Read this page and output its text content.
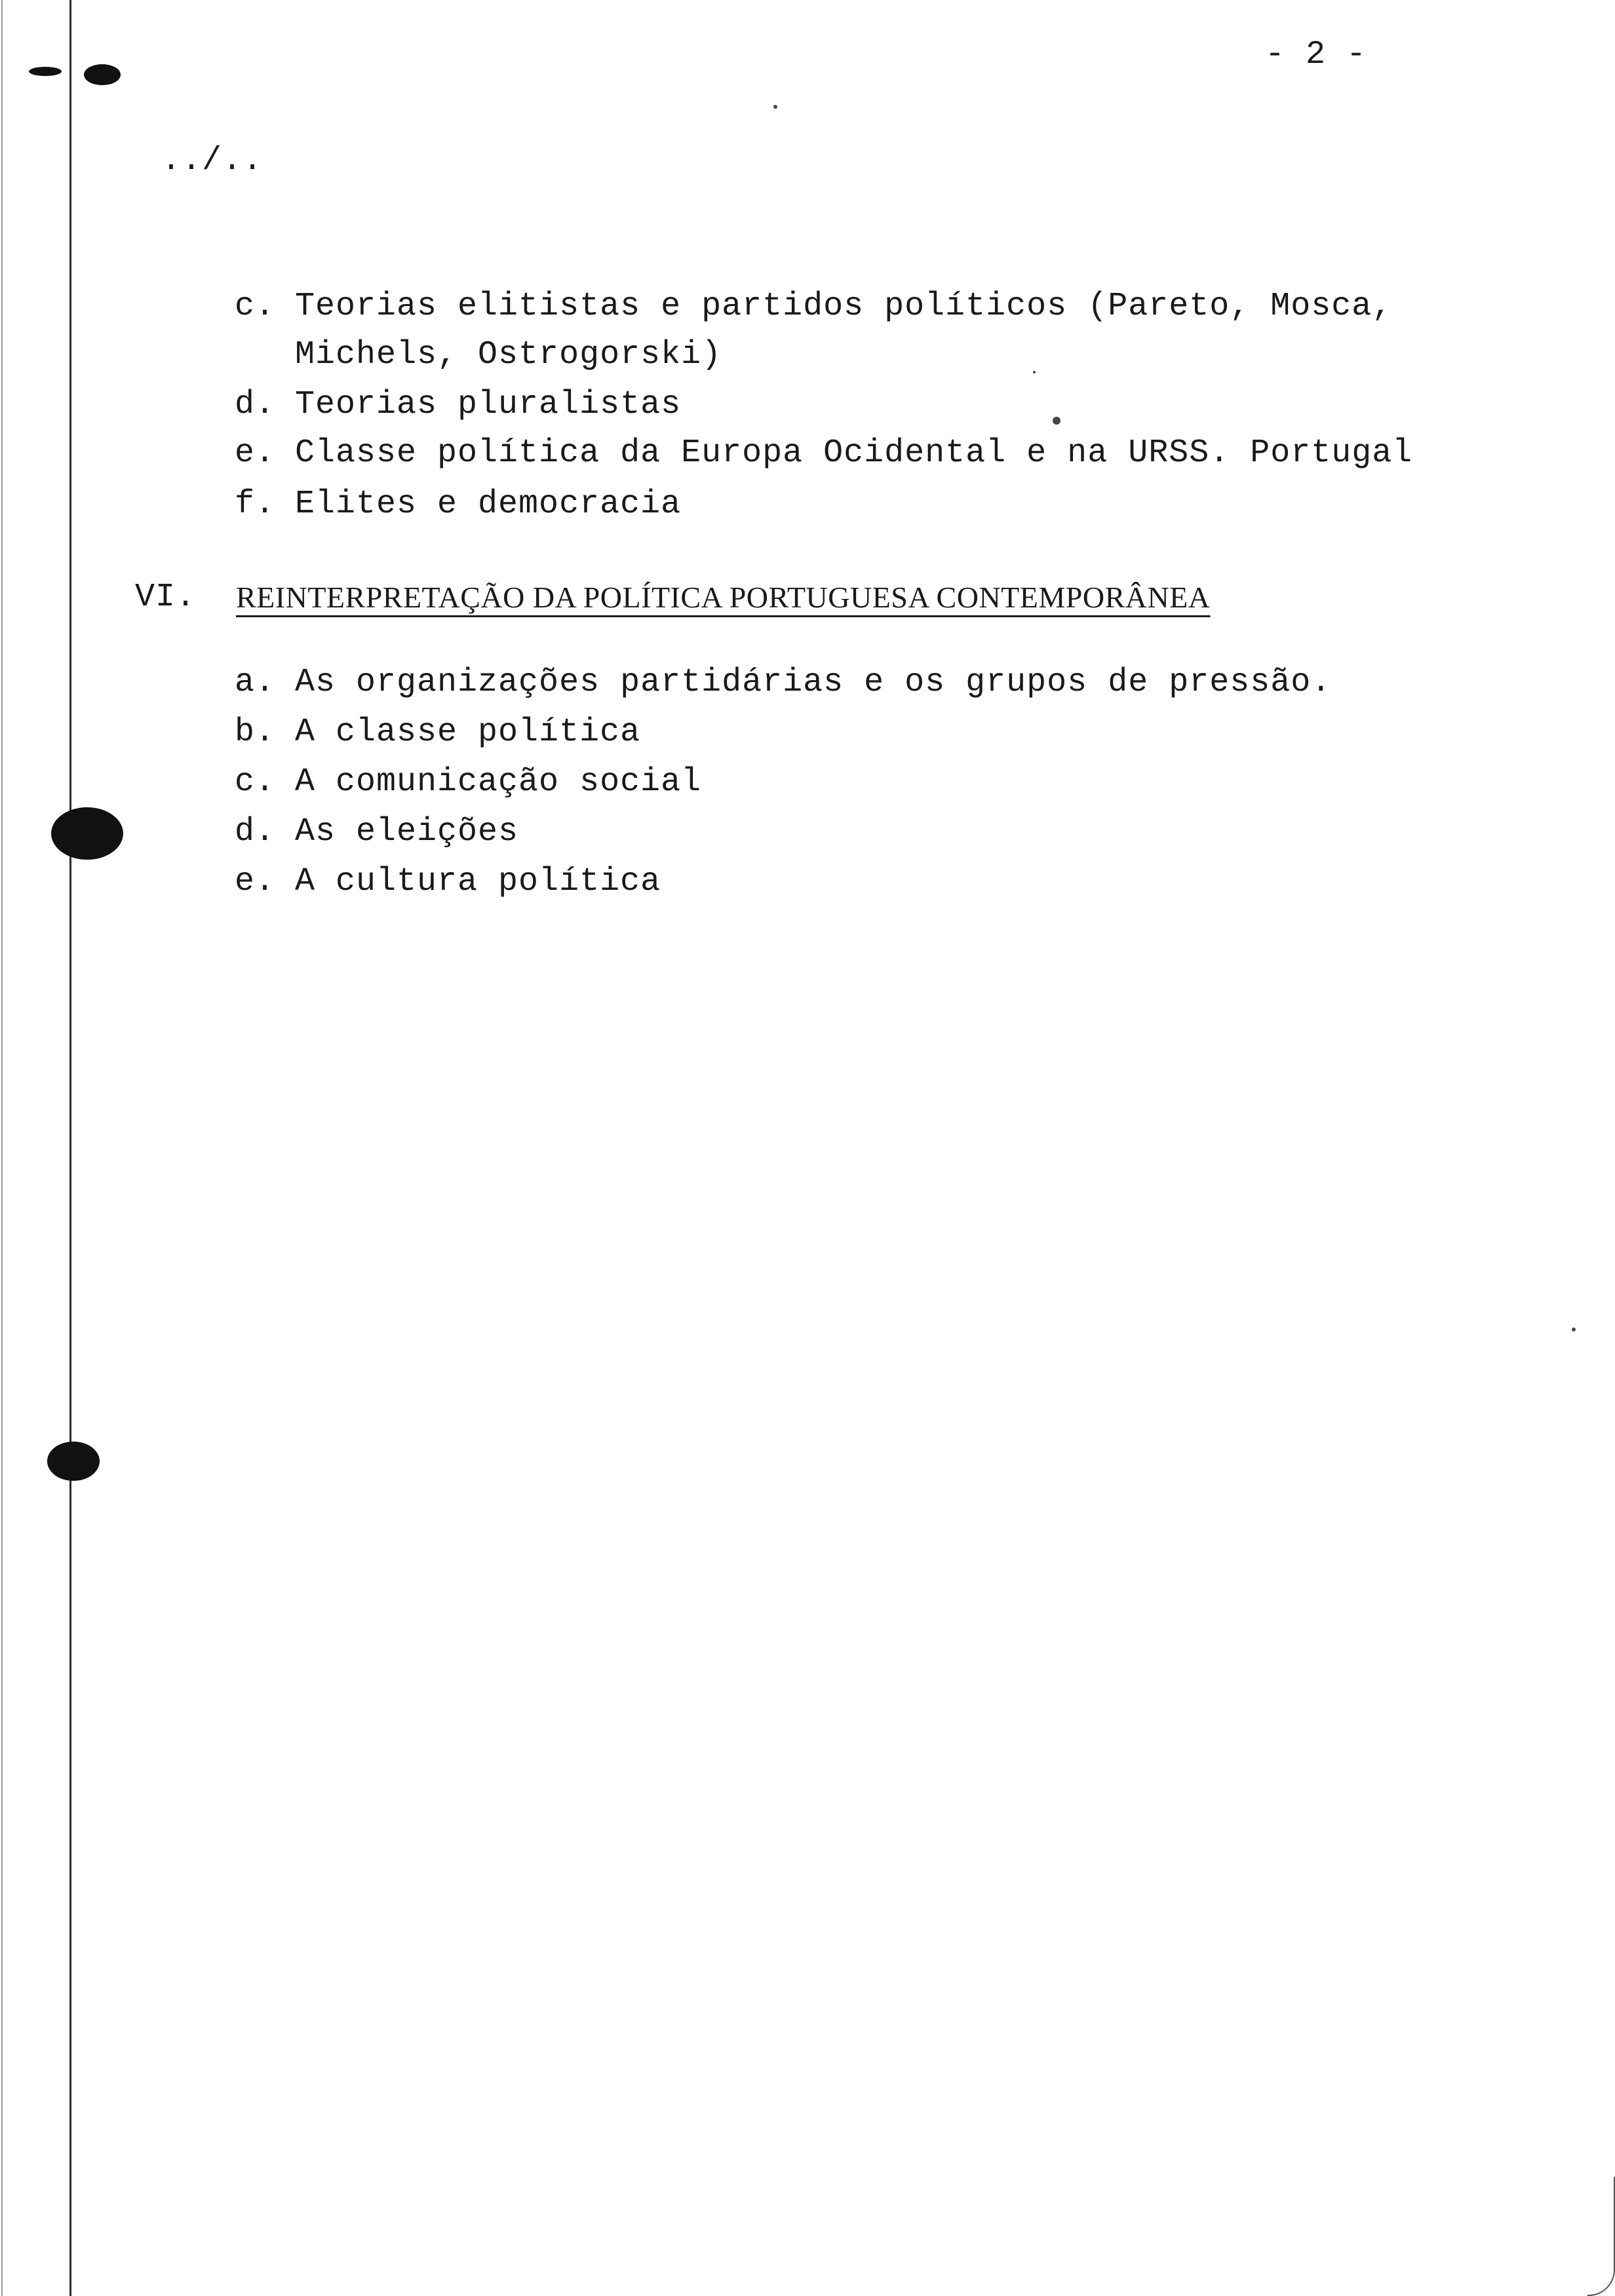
- 2 -
../..
c. Teorias elitistas e partidos políticos (Pareto, Mosca,
Michels, Ostrogorski)
d. Teorias pluralistas
e. Classe política da Europa Ocidental e na URSS. Portugal
f. Elites e democracia
VI. REINTERPRETAÇÃO DA POLÍTICA PORTUGUESA CONTEMPORÂNEA
a. As organizações partidárias e os grupos de pressão.
b. A classe política
c. A comunicação social
d. As eleições
e. A cultura política
